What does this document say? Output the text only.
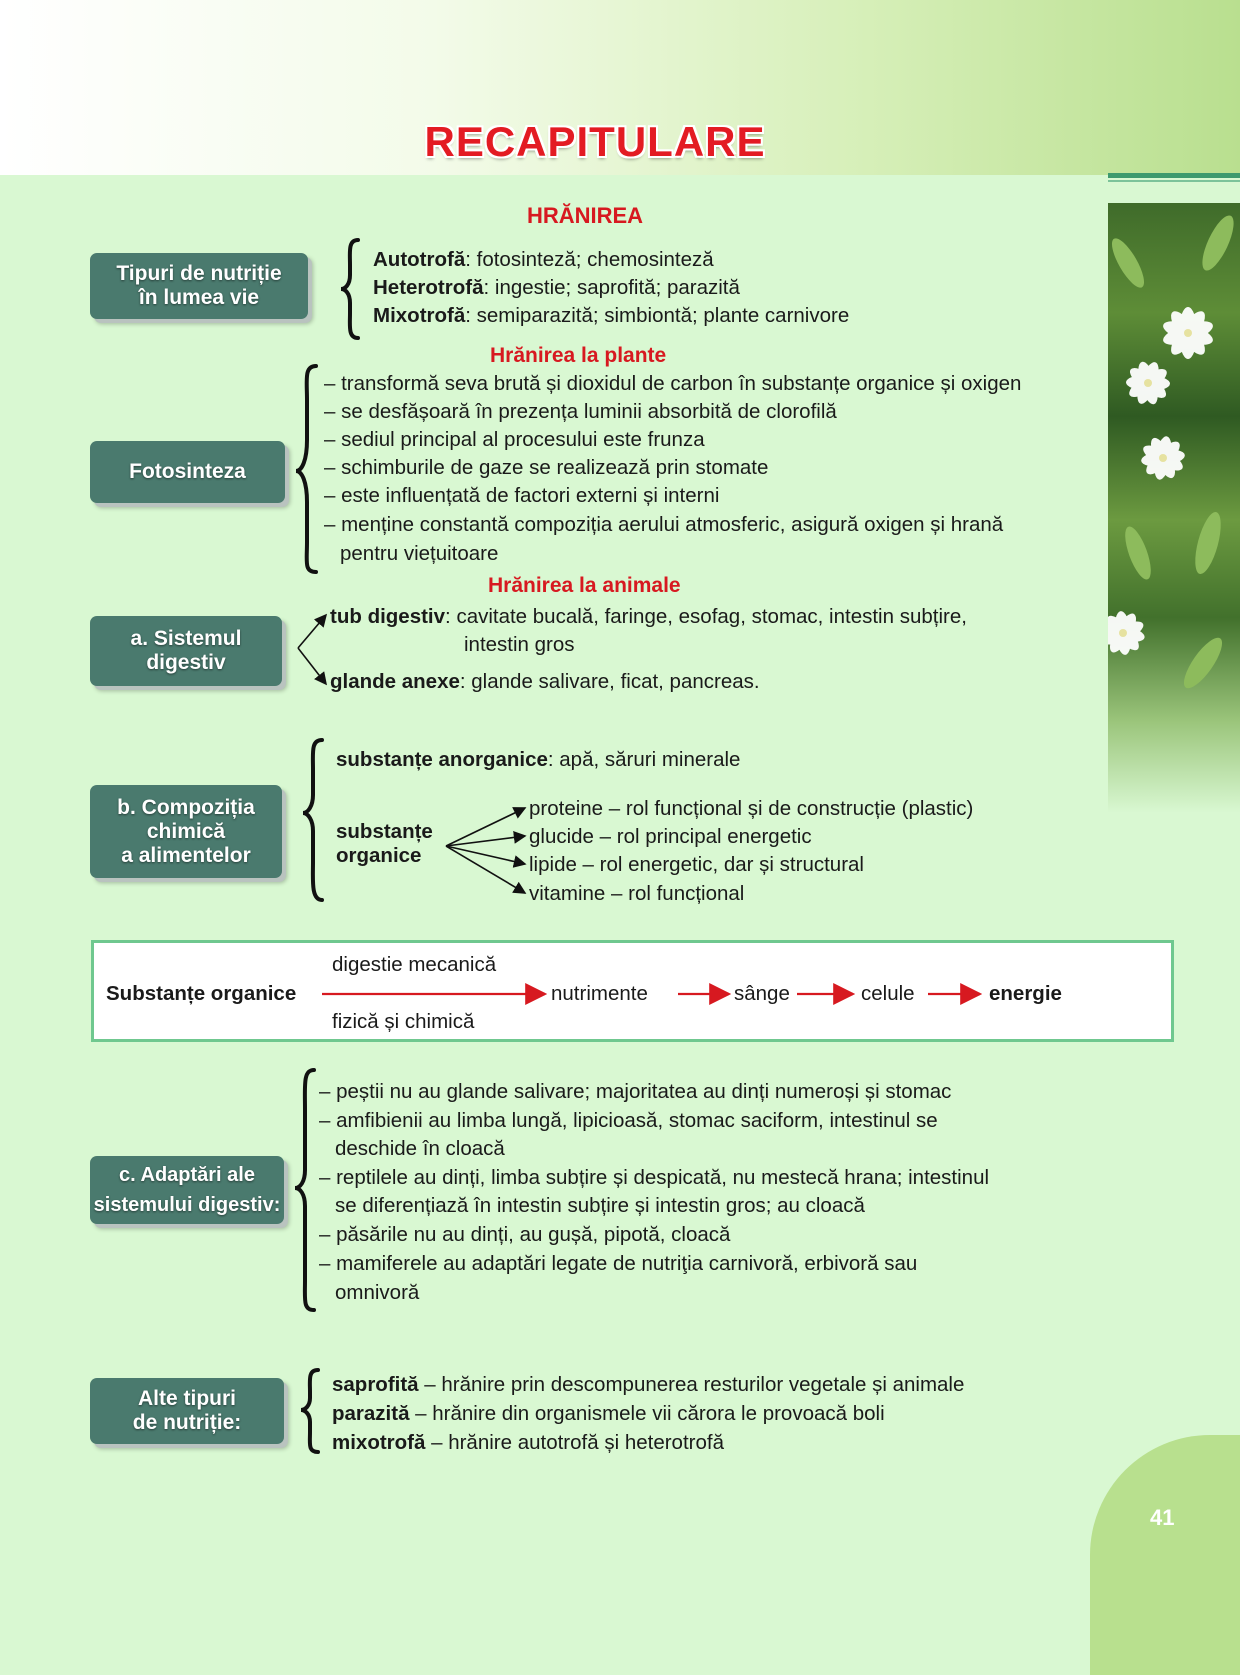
RECAPITULARE
HRĂNIREA
Tipuri de nutriție
în lumea vie
Autotrofă: fotosinteză; chemosinteză
Heterotrofă: ingestie; saprofită; parazită
Mixotrofă: semiparazită; simbiontă; plante carnivore
Hrănirea la plante
Fotosinteza
– transformă seva brută și dioxidul de carbon în substanțe organice și oxigen
– se desfășoară în prezența luminii absorbită de clorofilă
– sediul principal al procesului este frunza
– schimburile de gaze se realizează prin stomate
– este influențată de factori externi și interni
– menține constantă compoziția aerului atmosferic, asigură oxigen și hrană
pentru viețuitoare
Hrănirea la animale
a. Sistemul
digestiv
tub digestiv: cavitate bucală, faringe, esofag, stomac, intestin subțire,
intestin gros
glande anexe: glande salivare, ficat, pancreas.
b. Compoziția
chimică
a alimentelor
substanțe anorganice: apă, săruri minerale
substanțe
organice
proteine – rol funcțional și de construcție (plastic)
glucide – rol principal energetic
lipide – rol energetic, dar și structural
vitamine – rol funcțional
Substanțe organice
digestie mecanică
fizică și chimică
nutrimente	sânge	celule	energie
c. Adaptări ale
sistemului digestiv:
– peștii nu au glande salivare; majoritatea au dinți numeroși și stomac
– amfibienii au limba lungă, lipicioasă, stomac saciform, intestinul se
deschide în cloacă
– reptilele au dinți, limba subțire și despicată, nu mestecă hrana; intestinul
se diferențiază în intestin subțire și intestin gros; au cloacă
– păsările nu au dinți, au gușă, pipotă, cloacă
– mamiferele au adaptări legate de nutriţia carnivoră, erbivoră sau
omnivoră
Alte tipuri
de nutriție:
saprofită – hrănire prin descompunerea resturilor vegetale și animale
parazită – hrănire din organismele vii cărora le provoacă boli
mixotrofă – hrănire autotrofă și heterotrofă
41
